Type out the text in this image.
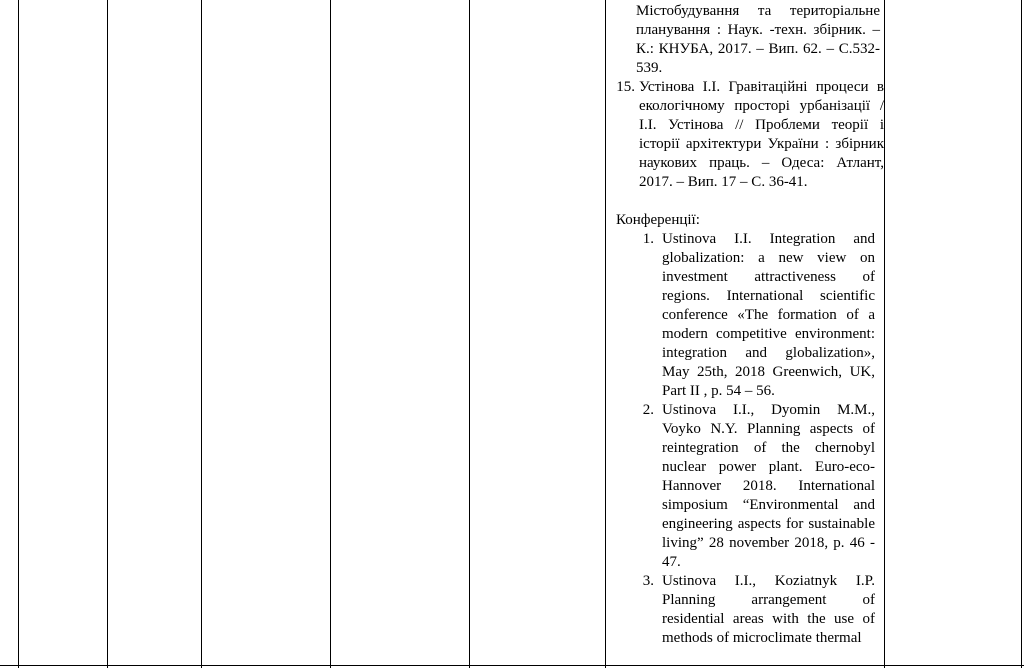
Містобудування та територіальне планування : Наук. -техн. збірник. – К.: КНУБА, 2017. – Вип. 62. – С.532-539.
15. Устінова І.І. Гравітаційні процеси в екологічному просторі урбанізації / І.І. Устінова // Проблеми теорії і історії архітектури України : збірник наукових праць. – Одеса: Атлант, 2017. – Вип. 17 – С. 36-41.
Конференції:
1. Ustinova I.I. Integration and globalization: a new view on investment attractiveness of regions. International scientific conference «The formation of a modern competitive environment: integration and globalization», May 25th, 2018 Greenwich, UK, Part II , p. 54 – 56.
2. Ustinova I.I., Dyomin M.M., Voyko N.Y. Planning aspects of reintegration of the chernobyl nuclear power plant. Euro-eco-Hannover 2018. International simposium “Environmental and engineering aspects for sustainable living” 28 november 2018, p. 46 - 47.
3. Ustinova I.I., Koziatnyk I.P. Planning arrangement of residential areas with the use of methods of microclimate thermal
